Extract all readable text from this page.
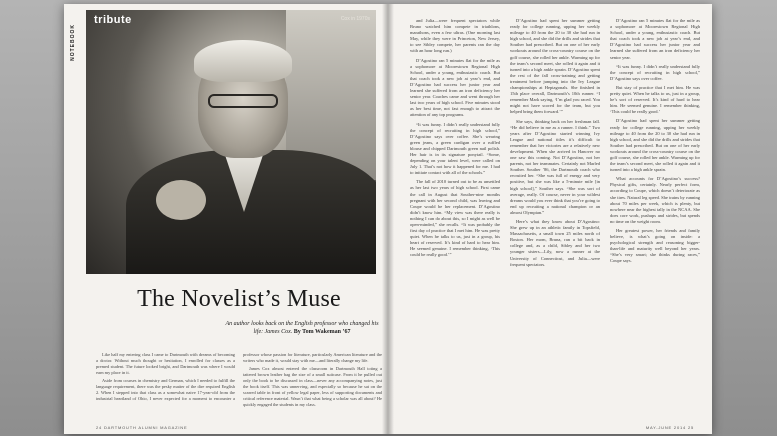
NOTEBOOK
tribute	Cox in 1970s
The Novelist’s Muse
An author looks back on the English professor who changed his life: James Cox. By Tom Wakeman ’67

Like half my entering class I came to Dartmouth with dreams of becoming a doctor. Without much thought or hesitation, I enrolled for classes as a premed student. The future looked bright, and Dartmouth was where I would earn my place in it.

Aside from courses in chemistry and German, which I needed to fulfill the language requirement, there was the pesky matter of the dire required English 2. When I stepped into that class as a somewhat naive 17-year-old from the industrial heartland of Ohio, I never expected for a moment to encounter a professor whose passion for literature, particularly American literature and the writers who made it, would stay with me—and literally change my life.

James Cox almost entered the classroom in Dartmouth Hall toting a tattered brown leather bag the size of a small suitcase. From it he pulled out only the book to be discussed in class—never any accompanying notes, just the book itself. This was unnerving, and especially so because he sat on the scarred table in front of yellow legal paper, less of supporting documents and critical reference material. Wasn’t that what being a scholar was all about? He quickly engaged the students in my class.

24 DARTMOUTH ALUMNI MAGAZINE

and Julia—were frequent spectators while Bruno watched him compete in triathlons, marathons, even a few ultras. (One morning last May, while they were in Princeton, New Jersey, to see Sibley compete, her parents ran the day with an hour long run.)

D’Agostino ran 5 minutes flat for the mile as a sophomore at Moorestown Regional High School, under a young, enthusiastic coach. But that coach took a new job at year’s end, and D’Agostino had success her junior year and learned she suffered from an iron deficiency her senior year. Coaches came and went through her last two years of high school. Five minutes stood as her best time, not fast enough to attract the attention of any top programs.

“It was funny. I didn’t really understand fully the concept of recruiting in high school,” D’Agostino says over coffee. She’s wearing green jeans, a green cardigan over a ruffled blouse and chipped Dartmouth green nail polish. Her hair is in its signature ponytail. “Some, depending on your talent level, were called on July 1. That’s not how it happened for me. I had to initiate contact with all of the schools.”

The fall of 2010 turned out to be as unsettled as her last two years of high school. First came the call in August that Souther-nine months pregnant with her second child, was leaving and Coupe would be her replacement. D’Agostino didn’t know him. “My view was there really is nothing I can do about this, so I might as well be open-minded,” she recalls. “It was probably the first day of practice that I met him. He was pretty quiet. When he talks to us, just in a group, his heart of reserved. It’s kind of hard to hear him. He seemed genuine. I remember thinking, ‘This could be really good.’”

D’Agostino had spent her summer getting ready for college running, upping her weekly mileage to 40 from the 20 to 30 she had run in high school, and she did the drills and strides that Souther had prescribed. But on one of her early workouts around the cross-country course on the golf course, she rolled her ankle. Warming up for the team’s second meet, she rolled it again and it turned into a high ankle sprain. D’Agostino spent the rest of the fall cross-training and getting treatment before jumping into the Ivy League championships at Heptagonals. She finished in 15th place overall, Dartmouth’s 10th runner. “I remember Mark saying, ‘I’m glad you raced. You might not have scored for the team, but you helped bring them forward.’”

She says, thinking back on her freshman fall. “He did believe in me as a runner. I think.” Two years after D’Agostino started winning Ivy League and national titles it’s difficult to remember that her victories are a relatively new development. When she arrived in Hanover no one saw this coming. Not D’Agostino, not her parents, not her teammates. Certainly not Marled Souther. Souther ’86, the Dartmouth coach who recruited her. “She was full of energy and very positive, but she was like a 5-minute mile [in high school],” Souther says. “She was sort of average, really. Of course, never in your wildest dreams would you ever think that you’re going to end up recruiting a national champion or an almost Olympian.”

Here’s what they know about D’Agostino: She grew up in an athletic family in Topsfield, Massachusetts, a small town 25 miles north of Boston. Her mom, Bruna, ran a bit back in college and, as a child, Sibley and her two younger sisters—Lily, now a runner at the University of Connecticut, and Julia—were frequent spectators.

D’Agostino ran 5 minutes flat for the mile as a sophomore at Moorestown Regional High School, under a young, enthusiastic coach. But that coach took a new job at year’s end, and D’Agostino had success her junior year and learned she suffered from an iron deficiency her senior year.

“It was funny. I didn’t really understand fully the concept of recruiting in high school,” D’Agostino says over coffee.

But stay of practice that I met him. He was pretty quiet. When he talks to us, just in a group, he’s sort of reserved. It’s kind of hard to hear him. He seemed genuine. I remember thinking, ‘This could be really good.’

D’Agostino had spent her summer getting ready for college running, upping her weekly mileage to 40 from the 20 to 30 she had run in high school, and she did the drills and strides that Souther had prescribed. But on one of her early workouts around the cross-country course on the golf course, she rolled her ankle. Warming up for the team’s second meet, she rolled it again and it turned into a high ankle sprain.

What accounts for D’Agostino’s success? Physical gifts, certainly. Nearly perfect form, according to Coupe, which doesn’t deteriorate as she tires. Natural leg speed. She trains by running about 70 miles per week, which is plenty, but nowhere near the highest tally in the NCAA. She does core work, pushups and strides, but spends no time on the weight room.

Her greatest power, her friends and family believe, is what’s going on inside: a psychological strength and reasoning bigger-than-life and maturity well beyond her years. “She’s very smart; she thinks during races,” Coupe says.

MAY-JUNE 2014 25
